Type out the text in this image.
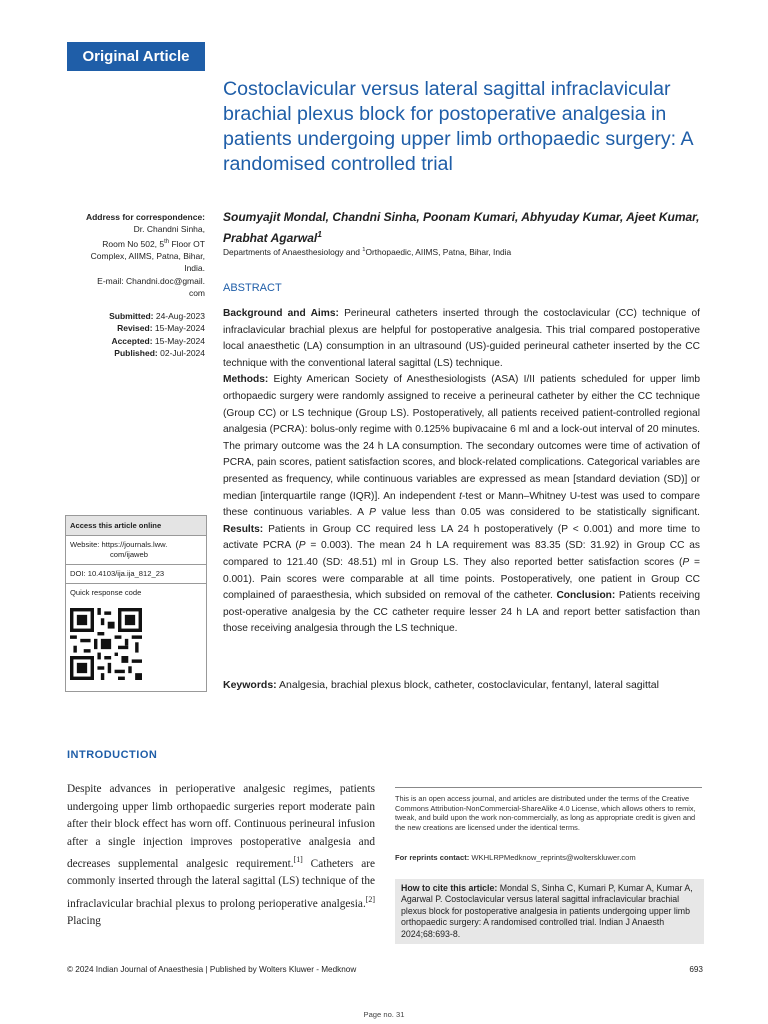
Original Article
Costoclavicular versus lateral sagittal infraclavicular brachial plexus block for postoperative analgesia in patients undergoing upper limb orthopaedic surgery: A randomised controlled trial
Soumyajit Mondal, Chandni Sinha, Poonam Kumari, Abhyuday Kumar, Ajeet Kumar, Prabhat Agarwal$^1$
Departments of Anaesthesiology and $^1$Orthopaedic, AIIMS, Patna, Bihar, India
Address for correspondence:
Dr. Chandni Sinha,
Room No 502, 5th Floor OT
Complex, AIIMS, Patna, Bihar,
India.
E-mail: Chandni.doc@gmail.
com
Submitted: 24-Aug-2023
Revised: 15-May-2024
Accepted: 15-May-2024
Published: 02-Jul-2024
Access this article online
Website: https://journals.lww.
com/ijaweb
DOI: 10.4103/ija.ija_812_23
Quick response code
ABSTRACT
Background and Aims: Perineural catheters inserted through the costoclavicular (CC) technique of infraclavicular brachial plexus are helpful for postoperative analgesia. This trial compared postoperative local anaesthetic (LA) consumption in an ultrasound (US)-guided perineural catheter inserted by the CC technique with the conventional lateral sagittal (LS) technique.
Methods: Eighty American Society of Anesthesiologists (ASA) I/II patients scheduled for upper limb orthopaedic surgery were randomly assigned to receive a perineural catheter by either the CC technique (Group CC) or LS technique (Group LS). Postoperatively, all patients received patient-controlled regional analgesia (PCRA): bolus-only regime with 0.125% bupivacaine 6 ml and a lock-out interval of 20 minutes. The primary outcome was the 24 h LA consumption. The secondary outcomes were time of activation of PCRA, pain scores, patient satisfaction scores, and block-related complications. Categorical variables are presented as frequency, while continuous variables are expressed as mean [standard deviation (SD)] or median [interquartile range (IQR)]. An independent t-test or Mann–Whitney U-test was used to compare these continuous variables. A P value less than 0.05 was considered to be statistically significant. Results: Patients in Group CC required less LA 24 h postoperatively (P < 0.001) and more time to activate PCRA (P = 0.003). The mean 24 h LA requirement was 83.35 (SD: 31.92) in Group CC as compared to 121.40 (SD: 48.51) ml in Group LS. They also reported better satisfaction scores (P = 0.001). Pain scores were comparable at all time points. Postoperatively, one patient in Group CC complained of paraesthesia, which subsided on removal of the catheter. Conclusion: Patients receiving post-operative analgesia by the CC catheter require lesser 24 h LA and report better satisfaction than those receiving analgesia through the LS technique.
Keywords: Analgesia, brachial plexus block, catheter, costoclavicular, fentanyl, lateral sagittal
INTRODUCTION
Despite advances in perioperative analgesic regimes, patients undergoing upper limb orthopaedic surgeries report moderate pain after their block effect has worn off. Continuous perineural infusion after a single injection improves postoperative analgesia and decreases supplemental analgesic requirement.[1] Catheters are commonly inserted through the lateral sagittal (LS) technique of the infraclavicular brachial plexus to prolong perioperative analgesia.[2] Placing
This is an open access journal, and articles are distributed under the terms of the Creative Commons Attribution-NonCommercial-ShareAlike 4.0 License, which allows others to remix, tweak, and build upon the work non-commercially, as long as appropriate credit is given and the new creations are licensed under the identical terms.
For reprints contact: WKHLRPMedknow_reprints@wolterskluwer.com
How to cite this article: Mondal S, Sinha C, Kumari P, Kumar A, Kumar A, Agarwal P. Costoclavicular versus lateral sagittal infraclavicular brachial plexus block for postoperative analgesia in patients undergoing upper limb orthopaedic surgery: A randomised controlled trial. Indian J Anaesth 2024;68:693-8.
© 2024 Indian Journal of Anaesthesia | Published by Wolters Kluwer - Medknow	693
Page no. 31
